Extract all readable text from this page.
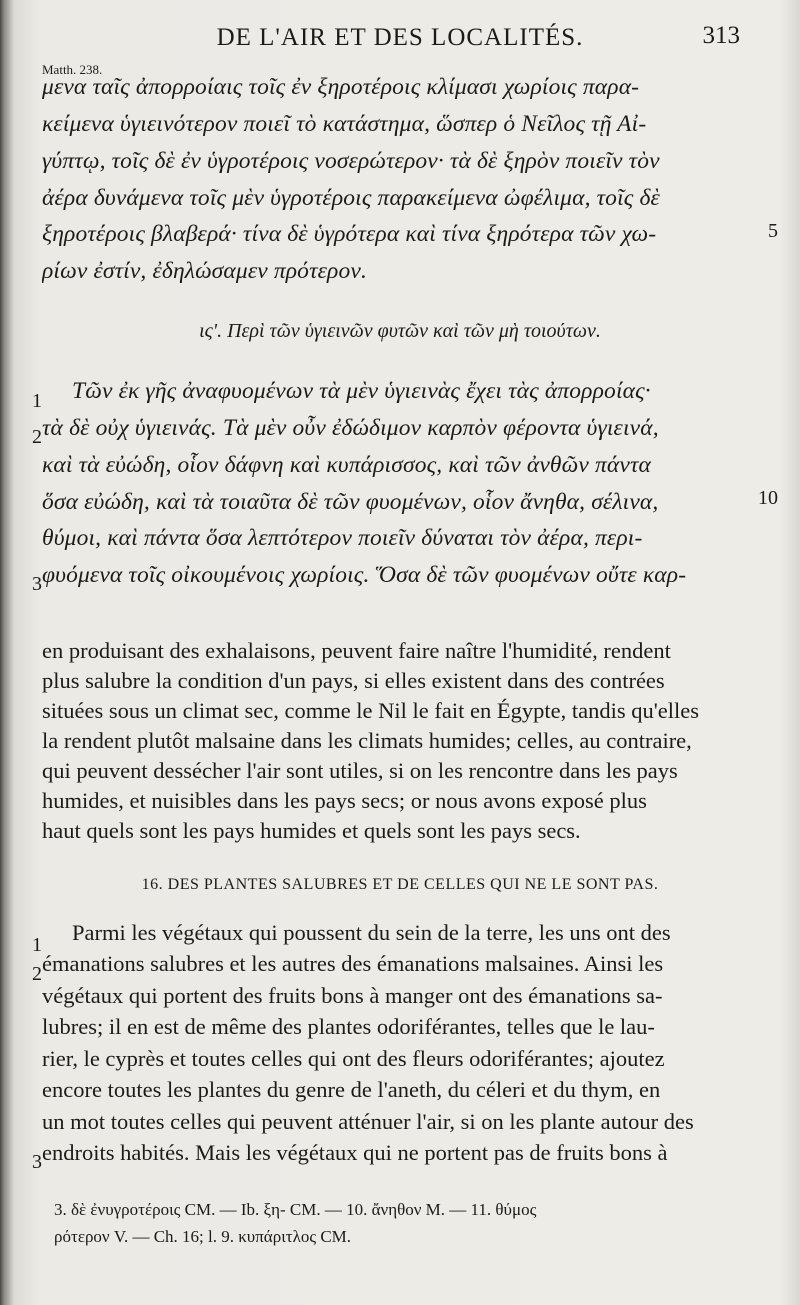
DE L'AIR ET DES LOCALITÉS.	313
Matth. 238.
μενα ταῖς ἀπορροίαις τοῖς ἐν ξηροτέροις κλίμασι χωρίοις παρα-
κείμενα ὑγιεινότερον ποιεῖ τὸ κατάστημα, ὥσπερ ὁ Νεῖλος τῇ Αἰ-
γύπτῳ, τοῖς δὲ ἐν ὑγροτέροις νοσερώτερον· τὰ δὲ ξηρὸν ποιεῖν τὸν
ἀέρα δυνάμενα τοῖς μὲν ὑγροτέροις παρακείμενα ὠφέλιμα, τοῖς δὲ
ξηροτέροις βλαβερά· τίνα δὲ ὑγρότερα καὶ τίνα ξηρότερα τῶν χω-
ρίων ἐστίν, ἐδηλώσαμεν πρότερον.
5
ις'. Περὶ τῶν ὑγιεινῶν φυτῶν καὶ τῶν μὴ τοιούτων.
Τῶν ἐκ γῆς ἀναφυομένων τὰ μὲν ὑγιεινὰς ἔχει τὰς ἀπορροίας·
τὰ δὲ οὐχ ὑγιεινάς. Τὰ μὲν οὖν ἐδώδιμον καρπὸν φέροντα ὑγιεινά,
καὶ τὰ εὐώδη, οἷον δάφνη καὶ κυπάρισσος, καὶ τῶν ἀνθῶν πάντα
ὅσα εὐώδη, καὶ τὰ τοιαῦτα δὲ τῶν φυομένων, οἷον ἄνηθα, σέλινα,
θύμοι, καὶ πάντα ὅσα λεπτότερον ποιεῖν δύναται τὸν ἀέρα, περι-
φυόμενα τοῖς οἰκουμένοις χωρίοις. Ὅσα δὲ τῶν φυομένων οὔτε καρ-
1
2
3
10
en produisant des exhalaisons, peuvent faire naître l'humidité, rendent
plus salubre la condition d'un pays, si elles existent dans des contrées
situées sous un climat sec, comme le Nil le fait en Égypte, tandis qu'elles
la rendent plutôt malsaine dans les climats humides; celles, au contraire,
qui peuvent dessécher l'air sont utiles, si on les rencontre dans les pays
humides, et nuisibles dans les pays secs; or nous avons exposé plus
haut quels sont les pays humides et quels sont les pays secs.
16. DES PLANTES SALUBRES ET DE CELLES QUI NE LE SONT PAS.
Parmi les végétaux qui poussent du sein de la terre, les uns ont des
émanations salubres et les autres des émanations malsaines. Ainsi les
végétaux qui portent des fruits bons à manger ont des émanations sa-
lubres; il en est de même des plantes odoriférantes, telles que le lau-
rier, le cyprès et toutes celles qui ont des fleurs odoriférantes; ajoutez
encore toutes les plantes du genre de l'aneth, du céleri et du thym, en
un mot toutes celles qui peuvent atténuer l'air, si on les plante autour des
endroits habités. Mais les végétaux qui ne portent pas de fruits bons à
1
2
3
3. δὲ ἐνυγροτέροις CM. — Ib. ξη- CM. — 10. ἄνηθον M. — 11. θύμος
ρότερον V. — Ch. 16; l. 9. κυπάριτλος CM.
